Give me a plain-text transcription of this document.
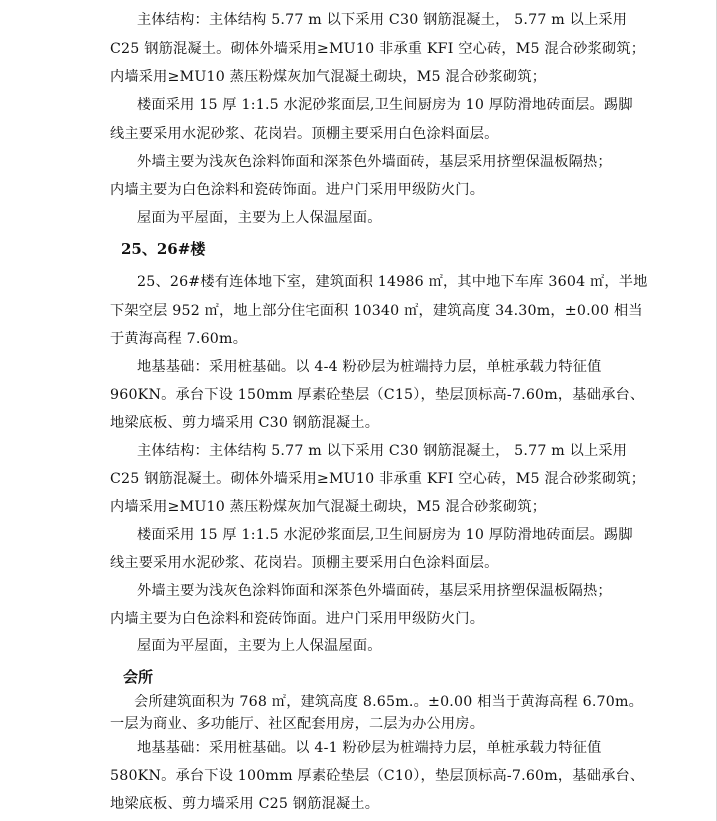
主体结构：主体结构 5.77 m 以下采用 C30 钢筋混凝土， 5.77 m 以上采用
C25 钢筋混凝土。砌体外墙采用≥MU10 非承重 KFI 空心砖，M5 混合砂浆砌筑；
内墙采用≥MU10 蒸压粉煤灰加气混凝土砌块，M5 混合砂浆砌筑；
楼面采用 15 厚 1:1.5 水泥砂浆面层,卫生间厨房为 10 厚防滑地砖面层。踢脚
线主要采用水泥砂浆、花岗岩。顶棚主要采用白色涂料面层。
外墙主要为浅灰色涂料饰面和深茶色外墙面砖，基层采用挤塑保温板隔热；
内墙主要为白色涂料和瓷砖饰面。进户门采用甲级防火门。
屋面为平屋面，主要为上人保温屋面。
25、26#楼
25、26#楼有连体地下室，建筑面积 14986 ㎡，其中地下车库 3604 ㎡，半地
下架空层 952 ㎡，地上部分住宅面积 10340 ㎡，建筑高度 34.30m，±0.00 相当
于黄海高程 7.60m。
地基基础：采用桩基础。以 4-4 粉砂层为桩端持力层，单桩承载力特征值
960KN。承台下设 150mm 厚素砼垫层（C15），垫层顶标高-7.60m，基础承台、
地梁底板、剪力墙采用 C30 钢筋混凝土。
主体结构：主体结构 5.77 m 以下采用 C30 钢筋混凝土， 5.77 m 以上采用
C25 钢筋混凝土。砌体外墙采用≥MU10 非承重 KFI 空心砖，M5 混合砂浆砌筑；
内墙采用≥MU10 蒸压粉煤灰加气混凝土砌块，M5 混合砂浆砌筑；
楼面采用 15 厚 1:1.5 水泥砂浆面层,卫生间厨房为 10 厚防滑地砖面层。踢脚
线主要采用水泥砂浆、花岗岩。顶棚主要采用白色涂料面层。
外墙主要为浅灰色涂料饰面和深茶色外墙面砖，基层采用挤塑保温板隔热；
内墙主要为白色涂料和瓷砖饰面。进户门采用甲级防火门。
屋面为平屋面，主要为上人保温屋面。
会所
会所建筑面积为 768 ㎡，建筑高度 8.65m.。±0.00 相当于黄海高程 6.70m。
一层为商业、多功能厅、社区配套用房，二层为办公用房。
地基基础：采用桩基础。以 4-1 粉砂层为桩端持力层，单桩承载力特征值
580KN。承台下设 100mm 厚素砼垫层（C10），垫层顶标高-7.60m，基础承台、
地梁底板、剪力墙采用 C25 钢筋混凝土。
